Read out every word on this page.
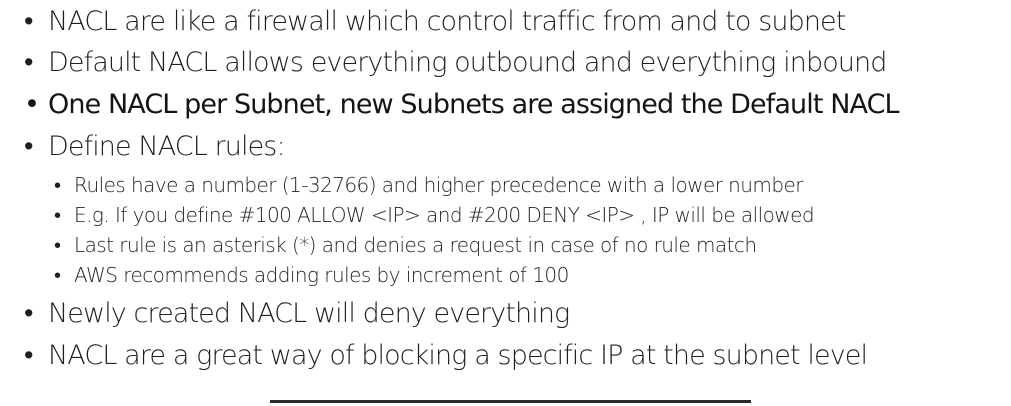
• NACL are like a firewall which control traffic from and to subnet
• Default NACL allows everything outbound and everything inbound
• One NACL per Subnet, new Subnets are assigned the Default NACL
• Define NACL rules:
• Rules have a number (1-32766) and higher precedence with a lower number
• E.g. If you define #100 ALLOW <IP> and #200 DENY <IP> , IP will be allowed
• Last rule is an asterisk (*) and denies a request in case of no rule match
• AWS recommends adding rules by increment of 100
• Newly created NACL will deny everything
• NACL are a great way of blocking a specific IP at the subnet level
